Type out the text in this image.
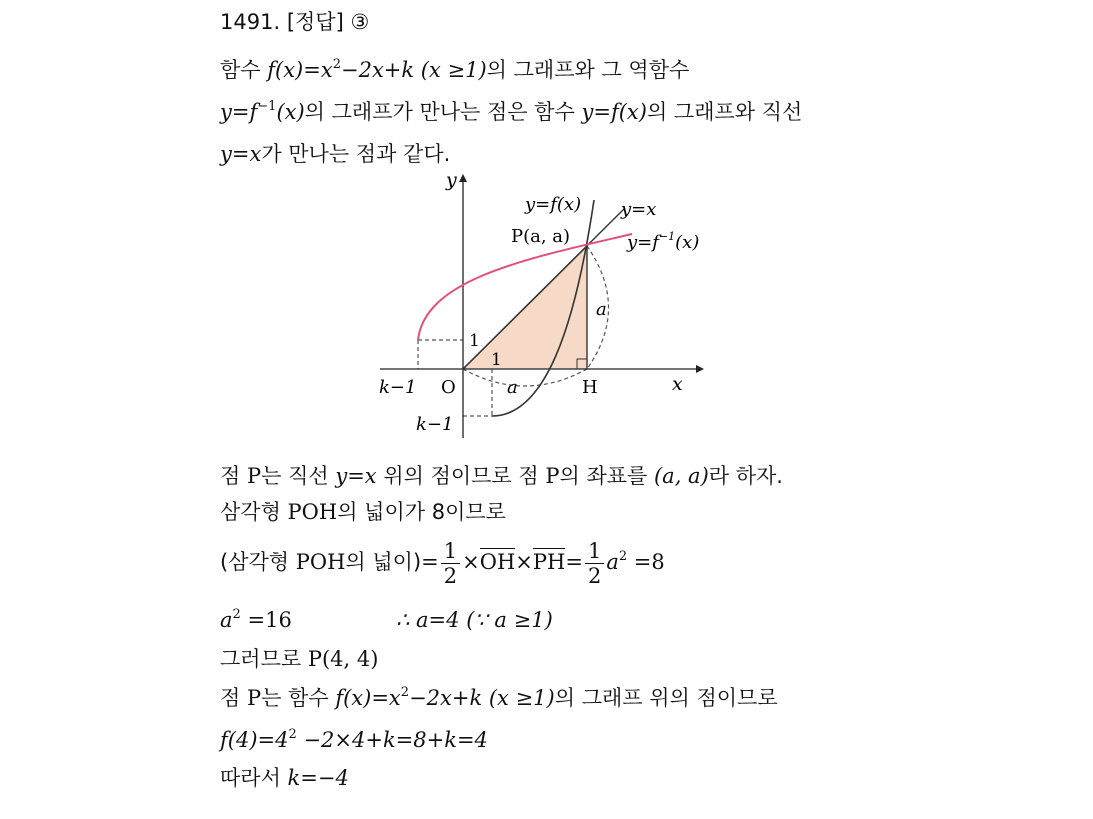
1491. [정답] ③
함수 $f(x)=x^2-2x+k$ (x ≥1)의 그래프와 그 역함수
$y=f^{-1}(x)$의 그래프가 만나는 점은 함수 y=f(x)의 그래프와 직선
y=x가 만나는 점과 같다.
y
x
y=f(x) y=x
$y=f^{-1}(x)$
P(a, a)
a
a
O	H
k−1
k−1
1
1
점 P는 직선 y=x 위의 점이므로 점 P의 좌표를 (a, a)라 하자.
삼각형 POH의 넓이가 8이므로
(삼각형 POH의 넓이)= $\frac{1}{2} \times OH\times PH= \frac{1}{2} a^2 =8$
$a^2 =16$	∴ a=4 (∵ a ≥1)
그러므로 P(4, 4)
점 P는 함수 $f(x)=x^2-2x+k$ (x ≥1)의 그래프 위의 점이므로
$f(4)=4^2 -2\times 4+k=8+k=4$
따라서 k=−4
